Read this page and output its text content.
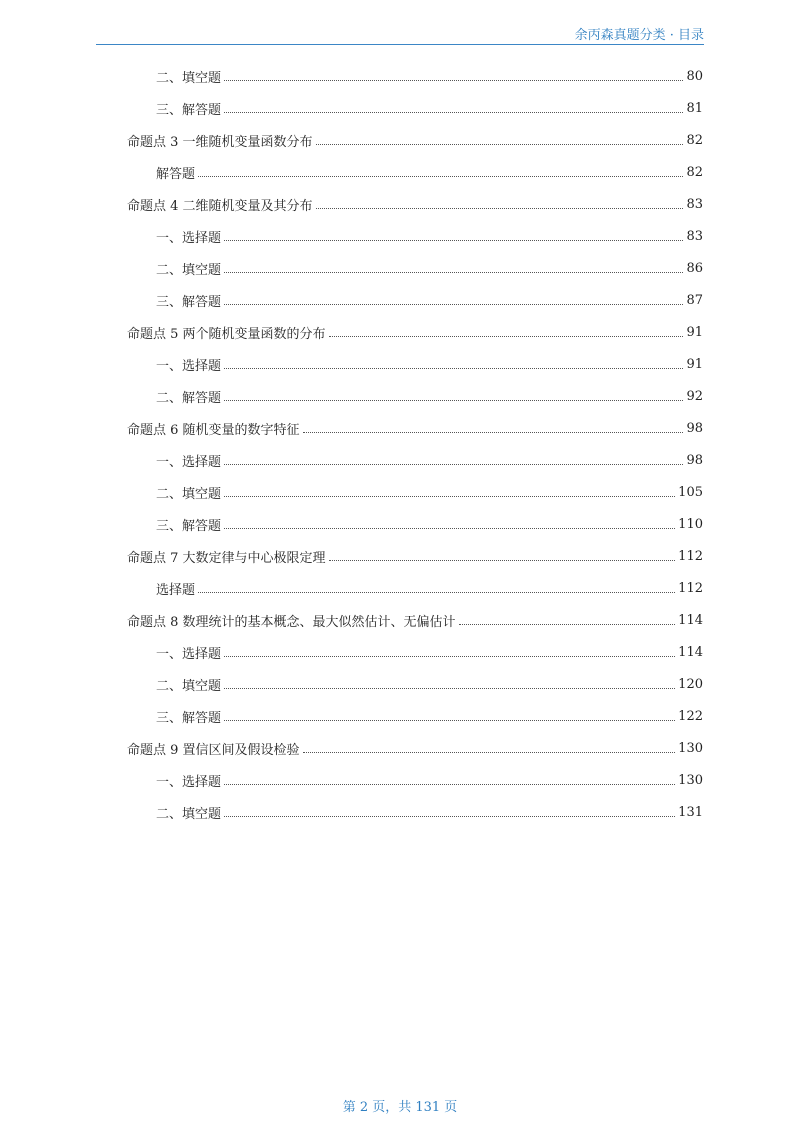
余丙森真题分类 · 目录
二、填空题	80
三、解答题	81
命题点 3 一维随机变量函数分布	82
解答题	82
命题点 4 二维随机变量及其分布	83
一、选择题	83
二、填空题	86
三、解答题	87
命题点 5 两个随机变量函数的分布	91
一、选择题	91
二、解答题	92
命题点 6 随机变量的数字特征	98
一、选择题	98
二、填空题	105
三、解答题	110
命题点 7 大数定律与中心极限定理	112
选择题	112
命题点 8 数理统计的基本概念、最大似然估计、无偏估计	114
一、选择题	114
二、填空题	120
三、解答题	122
命题点 9 置信区间及假设检验	130
一、选择题	130
二、填空题	131
第 2 页，共 131 页
